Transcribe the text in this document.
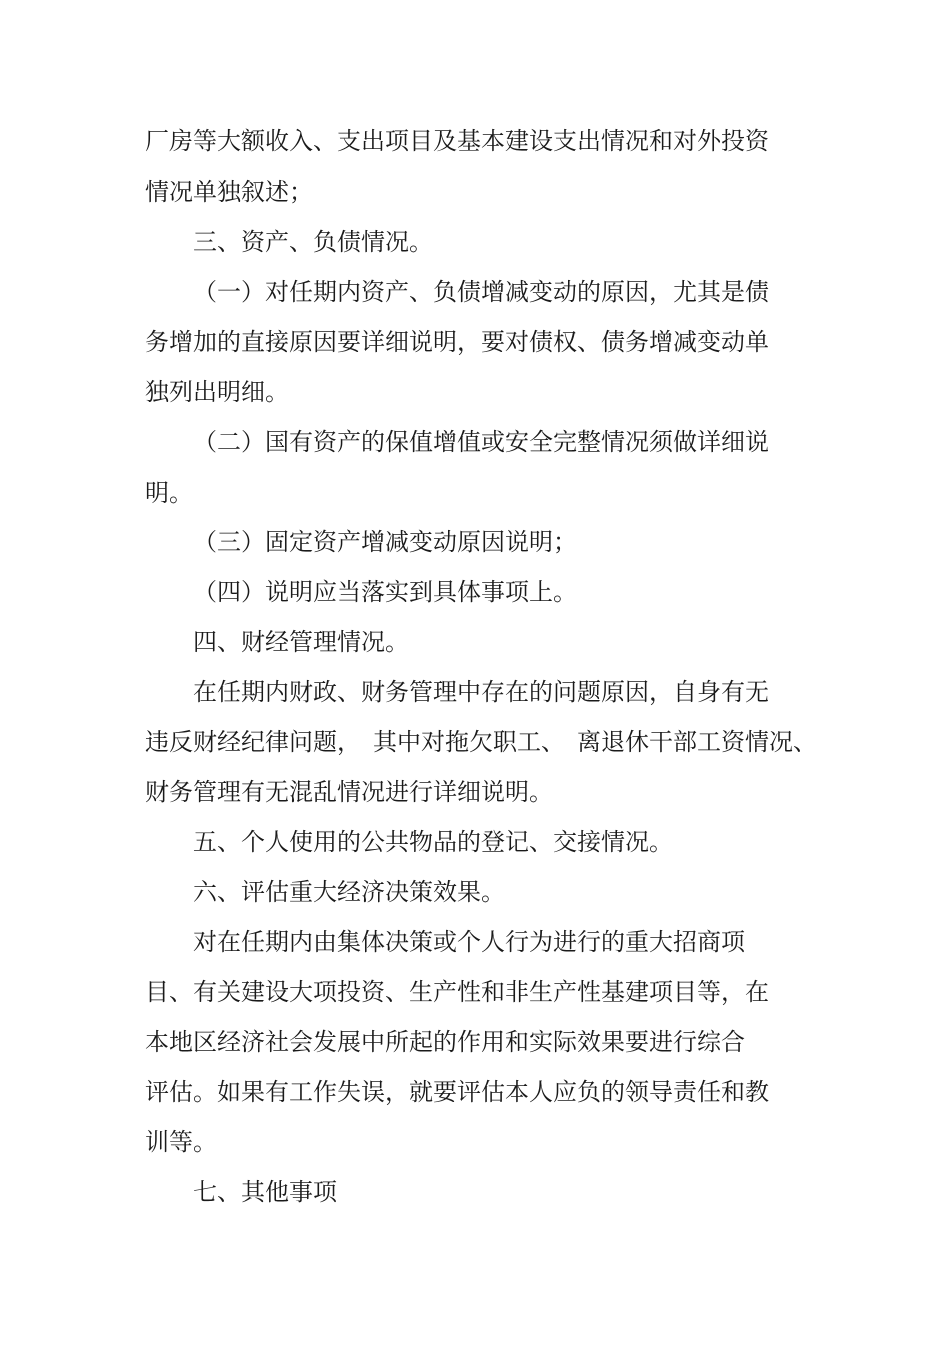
厂房等大额收入、支出项目及基本建设支出情况和对外投资

情况单独叙述；

三、资产、负债情况。

（一）对任期内资产、负债增减变动的原因，尤其是债

务增加的直接原因要详细说明，要对债权、债务增减变动单

独列出明细。

（二）国有资产的保值增值或安全完整情况须做详细说

明。

（三）固定资产增减变动原因说明；

（四）说明应当落实到具体事项上。

四、财经管理情况。

在任期内财政、财务管理中存在的问题原因，自身有无

违反财经纪律问题，　其中对拖欠职工、　离退休干部工资情况、

财务管理有无混乱情况进行详细说明。

五、个人使用的公共物品的登记、交接情况。

六、评估重大经济决策效果。

对在任期内由集体决策或个人行为进行的重大招商项

目、有关建设大项投资、生产性和非生产性基建项目等，在

本地区经济社会发展中所起的作用和实际效果要进行综合

评估。如果有工作失误，就要评估本人应负的领导责任和教

训等。

七、其他事项
